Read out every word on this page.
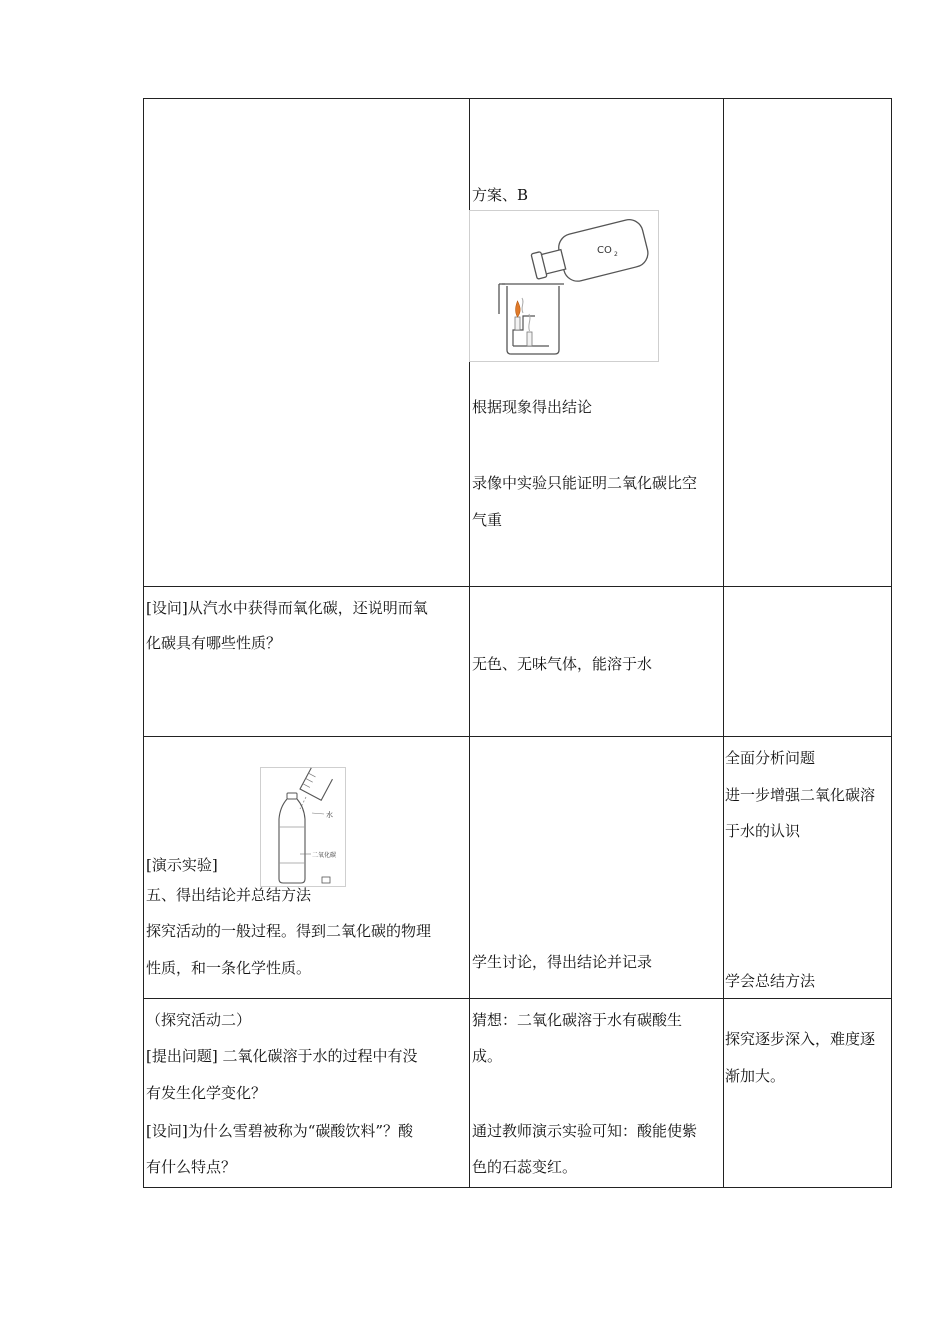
方案、B
CO 2
根据现象得出结论
录像中实验只能证明二氧化碳比空
气重
[设问]从汽水中获得而氧化碳，还说明而氧
化碳具有哪些性质？
无色、无味气体，能溶于水
水
二氧化碳
[演示实验]
五、得出结论并总结方法
探究活动的一般过程。得到二氧化碳的物理
性质，和一条化学性质。	学生讨论，得出结论并记录
全面分析问题
进一步增强二氧化碳溶
于水的认识
学会总结方法
（探究活动二）
[提出问题] 二氧化碳溶于水的过程中有没
有发生化学变化？
[设问]为什么雪碧被称为“碳酸饮料”？酸
有什么特点？
猜想：二氧化碳溶于水有碳酸生
成。
通过教师演示实验可知：酸能使紫
色的石蕊变红。
探究逐步深入，难度逐
渐加大。
